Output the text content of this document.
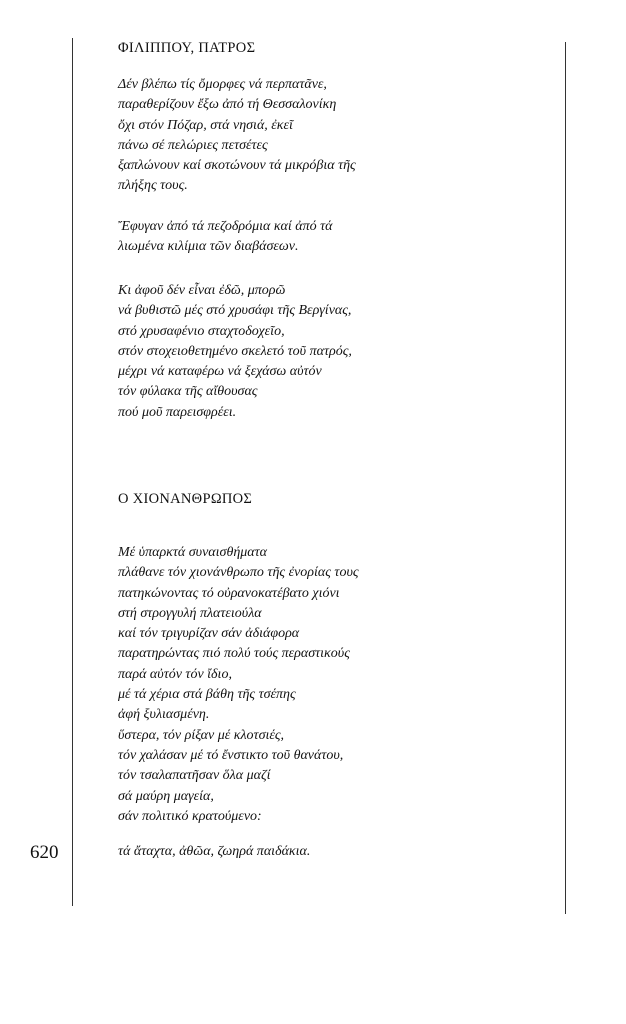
620
ΦΙΛΙΠΠΟΥ, ΠΑΤΡΟΣ
Δέν βλέπω τίς ὄμορφες νά περπατᾶνε,
παραθερίζουν ἔξω ἀπό τή Θεσσαλονίκη
ὄχι στόν Πόζαρ, στά νησιά, ἐκεῖ
πάνω σέ πελώριες πετσέτες
ξαπλώνουν καί σκοτώνουν τά μικρόβια τῆς
πλήξης τους.
Ἔφυγαν ἀπό τά πεζοδρόμια καί ἀπό τά
λιωμένα κιλίμια τῶν διαβάσεων.
Κι ἀφοῦ δέν εἶναι ἐδῶ, μπορῶ
νά βυθιστῶ μές στό χρυσάφι τῆς Βεργίνας,
στό χρυσαφένιο σταχτοδοχεῖο,
στόν στοχειοθετημένο σκελετό τοῦ πατρός,
μέχρι νά καταφέρω νά ξεχάσω αὐτόν
τόν φύλακα τῆς αἴθουσας
πού μοῦ παρεισφρέει.
Ο ΧΙΟΝΑΝΘΡΩΠΟΣ
Μέ ὑπαρκτά συναισθήματα
πλάθανε τόν χιονάνθρωπο τῆς ἐνορίας τους
πατηκώνοντας τό οὐρανοκατέβατο χιόνι
στή στρογγυλή πλατειούλα
καί τόν τριγυρίζαν σάν ἀδιάφορα
παρατηρώντας πιό πολύ τούς περαστικούς
παρά αὐτόν τόν ἴδιο,
μέ τά χέρια στά βάθη τῆς τσέπης
ἀφή ξυλιασμένη.
ὕστερα, τόν ρίξαν μέ κλοτσιές,
τόν χαλάσαν μέ τό ἔνστικτο τοῦ θανάτου,
τόν τσαλαπατῆσαν ὅλα μαζί
σά μαύρη μαγεία,
σάν πολιτικό κρατούμενο:
τά ἄταχτα, ἀθῶα, ζωηρά παιδάκια.
